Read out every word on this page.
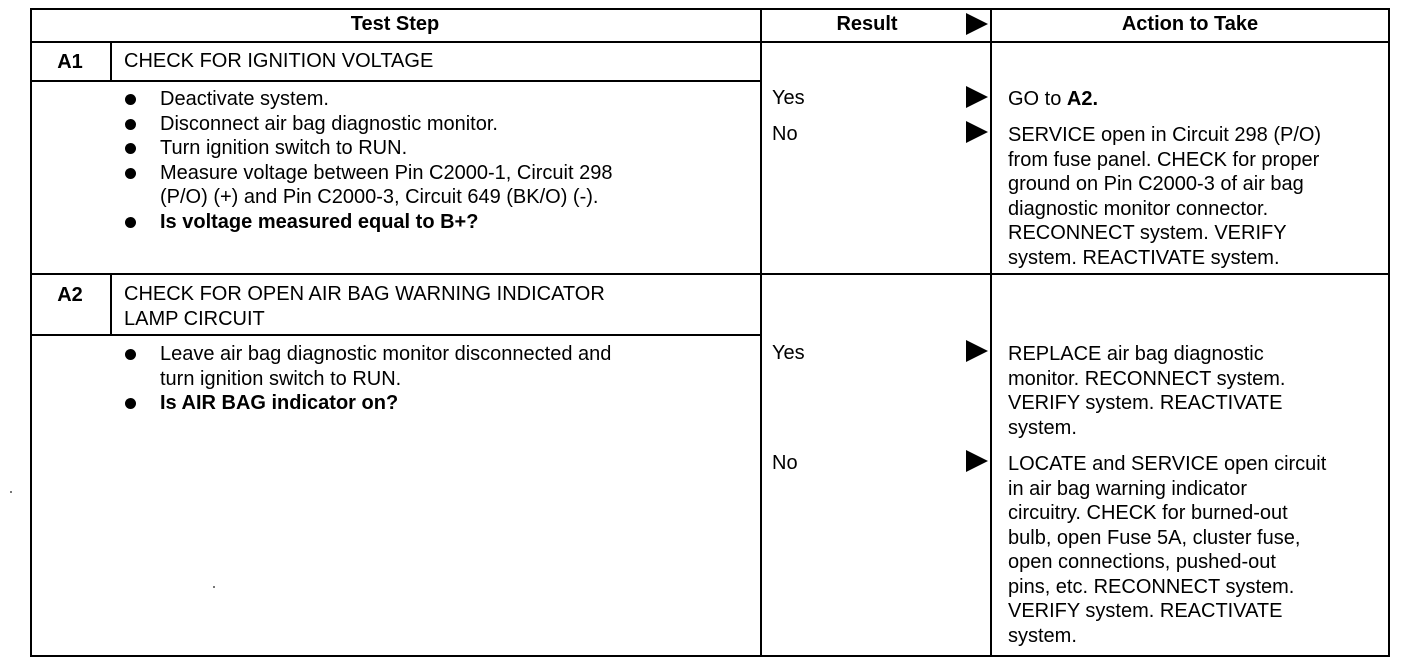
Test Step	Result	Action to Take
A1	CHECK FOR IGNITION VOLTAGE
Deactivate system.
Disconnect air bag diagnostic monitor.
Turn ignition switch to RUN.
Measure voltage between Pin C2000-1, Circuit 298
(P/O) (+) and Pin C2000-3, Circuit 649 (BK/O) (-).
Is voltage measured equal to B+?
Yes	GO to A2.
No	SERVICE open in Circuit 298 (P/O)
from fuse panel. CHECK for proper
ground on Pin C2000-3 of air bag
diagnostic monitor connector.
RECONNECT system. VERIFY
system. REACTIVATE system.
A2	CHECK FOR OPEN AIR BAG WARNING INDICATOR
LAMP CIRCUIT
Leave air bag diagnostic monitor disconnected and
turn ignition switch to RUN.
Is AIR BAG indicator on?
Yes	REPLACE air bag diagnostic
monitor. RECONNECT system.
VERIFY system. REACTIVATE
system.
No	LOCATE and SERVICE open circuit
in air bag warning indicator
circuitry. CHECK for burned-out
bulb, open Fuse 5A, cluster fuse,
open connections, pushed-out
pins, etc. RECONNECT system.
VERIFY system. REACTIVATE
system.
